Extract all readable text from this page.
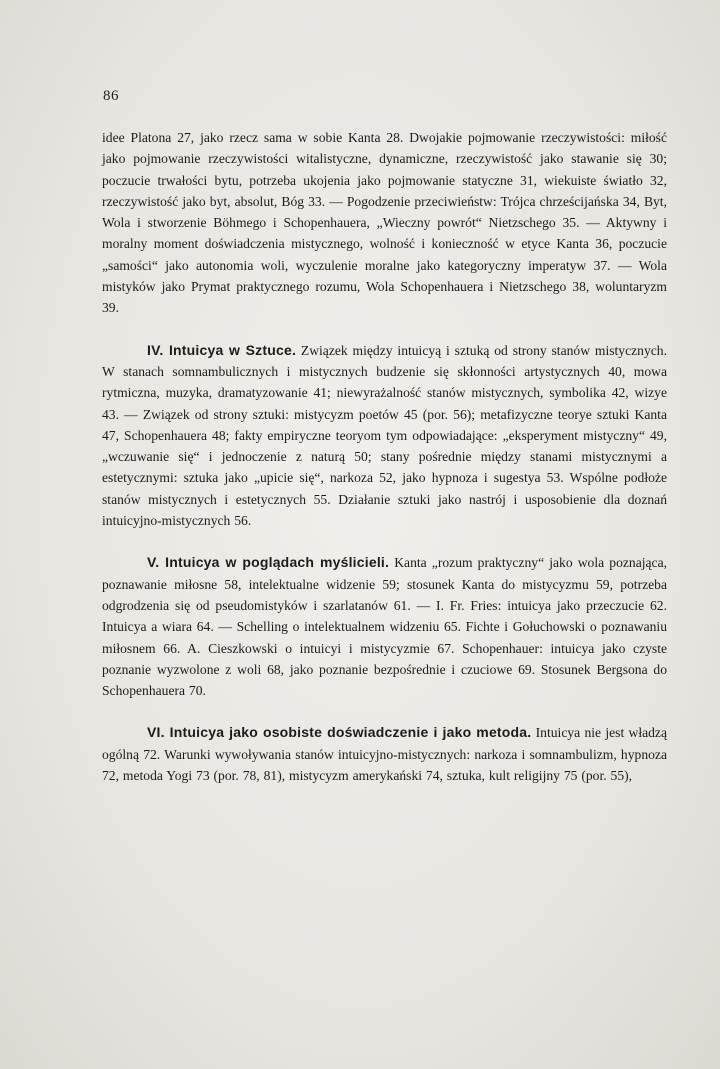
86

idee Platona 27, jako rzecz sama w sobie Kanta 28. Dwojakie pojmowanie rzeczywistości: miłość jako pojmowanie rzeczywistości witalistyczne, dynamiczne, rzeczywistość jako stawanie się 30; poczucie trwałości bytu, potrzeba ukojenia jako pojmowanie statyczne 31, wiekuiste światło 32, rzeczywistość jako byt, absolut, Bóg 33. — Pogodzenie przeciwieństw: Trójca chrześcijańska 34, Byt, Wola i stworzenie Böhmego i Schopenhauera, „Wieczny powrót“ Nietzschego 35. — Aktywny i moralny moment doświadczenia mistycznego, wolność i konieczność w etyce Kanta 36, poczucie „samości“ jako autonomia woli, wyczulenie moralne jako kategoryczny imperatyw 37. — Wola mistyków jako Prymat praktycznego rozumu, Wola Schopenhauera i Nietzschego 38, woluntaryzm 39.

IV. Intuicya w Sztuce. Związek między intuicyą i sztuką od strony stanów mistycznych. W stanach somnambulicznych i mistycznych budzenie się skłonności artystycznych 40, mowa rytmiczna, muzyka, dramatyzowanie 41; niewyrażalność stanów mistycznych, symbolika 42, wizye 43. — Związek od strony sztuki: mistycyzm poetów 45 (por. 56); metafizyczne teorye sztuki Kanta 47, Schopenhauera 48; fakty empiryczne teoryom tym odpowiadające: „eksperyment mistyczny“ 49, „wczuwanie się“ i jednoczenie z naturą 50; stany pośrednie między stanami mistycznymi a estetycznymi: sztuka jako „upicie się“, narkoza 52, jako hypnoza i sugestya 53. Wspólne podłoże stanów mistycznych i estetycznych 55. Działanie sztuki jako nastrój i usposobienie dla doznań intuicyjno-mistycznych 56.

V. Intuicya w poglądach myślicieli. Kanta „rozum praktyczny“ jako wola poznająca, poznawanie miłosne 58, intelektualne widzenie 59; stosunek Kanta do mistycyzmu 59, potrzeba odgrodzenia się od pseudomistyków i szarlatanów 61. — I. Fr. Fries: intuicya jako przeczucie 62. Intuicya a wiara 64. — Schelling o intelektualnem widzeniu 65. Fichte i Gołuchowski o poznawaniu miłosnem 66. A. Cieszkowski o intuicyi i mistycyzmie 67. Schopenhauer: intuicya jako czyste poznanie wyzwolone z woli 68, jako poznanie bezpośrednie i czuciowe 69. Stosunek Bergsona do Schopenhauera 70.

VI. Intuicya jako osobiste doświadczenie i jako metoda. Intuicya nie jest władzą ogólną 72. Warunki wywoływania stanów intuicyjno-mistycznych: narkoza i somnambulizm, hypnoza 72, metoda Yogi 73 (por. 78, 81), mistycyzm amerykański 74, sztuka, kult religijny 75 (por. 55),
